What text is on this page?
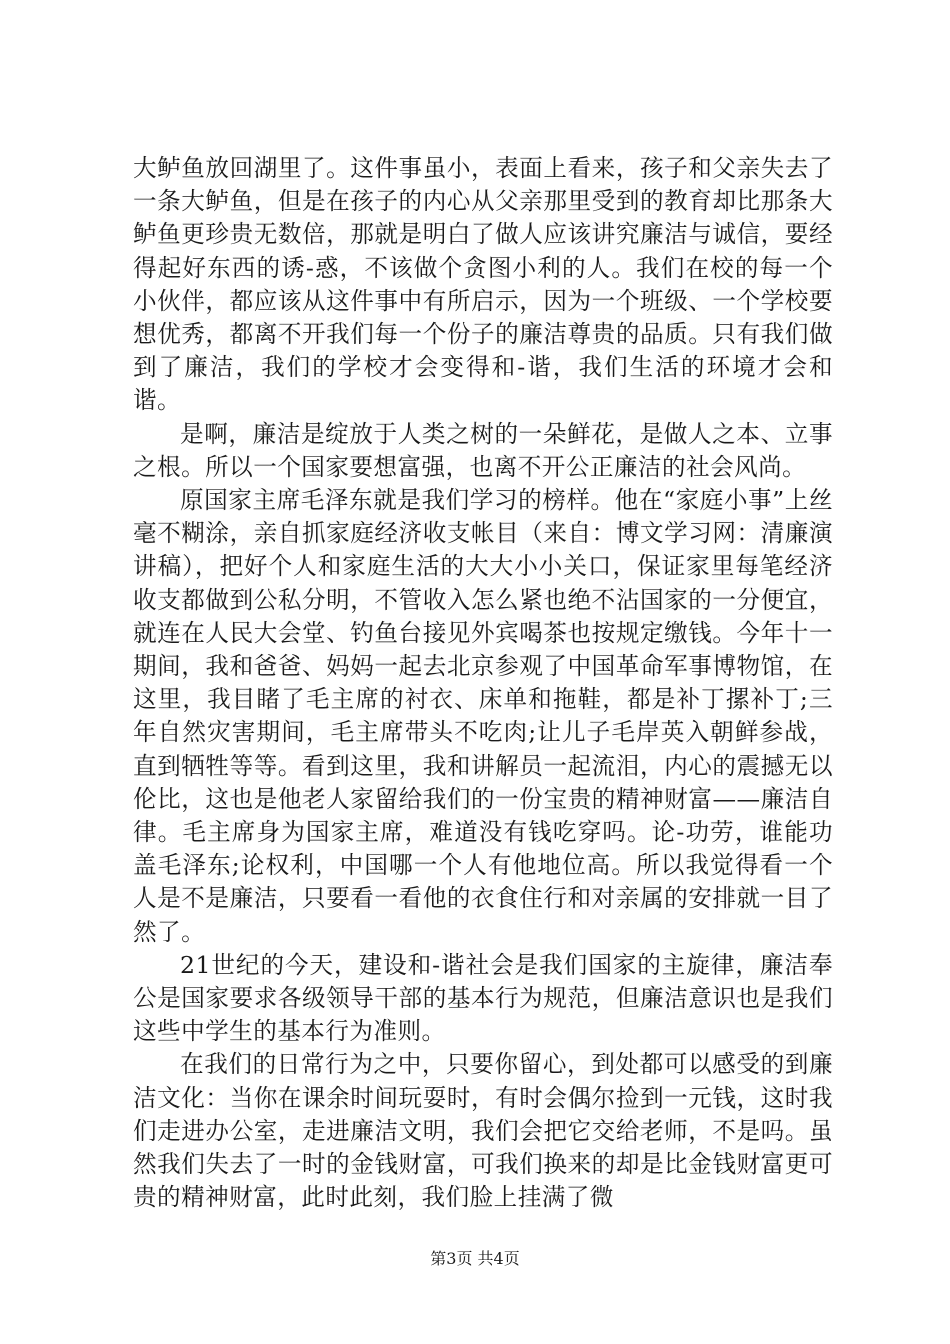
大鲈鱼放回湖里了。这件事虽小，表面上看来，孩子和父亲失去了一条大鲈鱼，但是在孩子的内心从父亲那里受到的教育却比那条大鲈鱼更珍贵无数倍，那就是明白了做人应该讲究廉洁与诚信，要经得起好东西的诱-惑，不该做个贪图小利的人。我们在校的每一个小伙伴，都应该从这件事中有所启示，因为一个班级、一个学校要想优秀，都离不开我们每一个份子的廉洁尊贵的品质。只有我们做到了廉洁，我们的学校才会变得和-谐，我们生活的环境才会和谐。

是啊，廉洁是绽放于人类之树的一朵鲜花，是做人之本、立事之根。所以一个国家要想富强，也离不开公正廉洁的社会风尚。

原国家主席毛泽东就是我们学习的榜样。他在“家庭小事”上丝毫不糊涂，亲自抓家庭经济收支帐目（来自：博文学习网：清廉演讲稿），把好个人和家庭生活的大大小小关口，保证家里每笔经济收支都做到公私分明，不管收入怎么紧也绝不沾国家的一分便宜，就连在人民大会堂、钓鱼台接见外宾喝茶也按规定缴钱。今年十一期间，我和爸爸、妈妈一起去北京参观了中国革命军事博物馆，在这里，我目睹了毛主席的衬衣、床单和拖鞋，都是补丁摞补丁;三年自然灾害期间，毛主席带头不吃肉;让儿子毛岸英入朝鲜参战，直到牺牲等等。看到这里，我和讲解员一起流泪，内心的震撼无以伦比，这也是他老人家留给我们的一份宝贵的精神财富——廉洁自律。毛主席身为国家主席，难道没有钱吃穿吗。论-功劳，谁能功盖毛泽东;论权利，中国哪一个人有他地位高。所以我觉得看一个人是不是廉洁，只要看一看他的衣食住行和对亲属的安排就一目了然了。

21世纪的今天，建设和-谐社会是我们国家的主旋律，廉洁奉公是国家要求各级领导干部的基本行为规范，但廉洁意识也是我们这些中学生的基本行为准则。

在我们的日常行为之中，只要你留心，到处都可以感受的到廉洁文化：当你在课余时间玩耍时，有时会偶尔捡到一元钱，这时我们走进办公室，走进廉洁文明，我们会把它交给老师，不是吗。虽然我们失去了一时的金钱财富，可我们换来的却是比金钱财富更可贵的精神财富，此时此刻，我们脸上挂满了微

第3页 共4页
